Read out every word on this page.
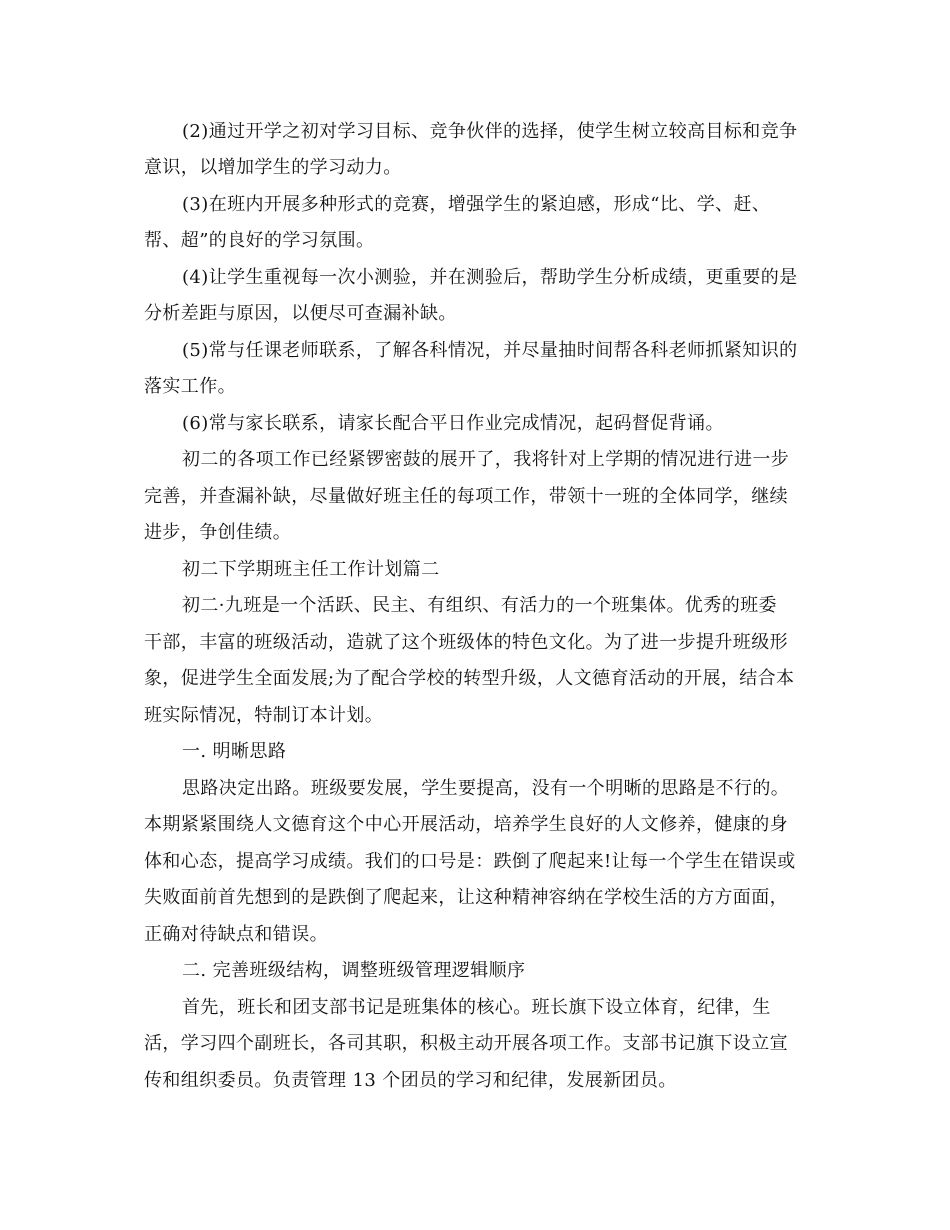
(2)通过开学之初对学习目标、竞争伙伴的选择，使学生树立较高目标和竞争

意识，以增加学生的学习动力。

(3)在班内开展多种形式的竞赛，增强学生的紧迫感，形成“比、学、赶、

帮、超”的良好的学习氛围。

(4)让学生重视每一次小测验，并在测验后，帮助学生分析成绩，更重要的是

分析差距与原因，以便尽可查漏补缺。

(5)常与任课老师联系，了解各科情况，并尽量抽时间帮各科老师抓紧知识的

落实工作。

(6)常与家长联系，请家长配合平日作业完成情况，起码督促背诵。

初二的各项工作已经紧锣密鼓的展开了，我将针对上学期的情况进行进一步

完善，并查漏补缺，尽量做好班主任的每项工作，带领十一班的全体同学，继续

进步，争创佳绩。

初二下学期班主任工作计划篇二

初二·九班是一个活跃、民主、有组织、有活力的一个班集体。优秀的班委

干部，丰富的班级活动，造就了这个班级体的特色文化。为了进一步提升班级形

象，促进学生全面发展;为了配合学校的转型升级，人文德育活动的开展，结合本

班实际情况，特制订本计划。

一. 明晰思路

思路决定出路。班级要发展，学生要提高，没有一个明晰的思路是不行的。

本期紧紧围绕人文德育这个中心开展活动，培养学生良好的人文修养，健康的身

体和心态，提高学习成绩。我们的口号是：跌倒了爬起来!让每一个学生在错误或

失败面前首先想到的是跌倒了爬起来，让这种精神容纳在学校生活的方方面面，

正确对待缺点和错误。

二. 完善班级结构，调整班级管理逻辑顺序

首先，班长和团支部书记是班集体的核心。班长旗下设立体育，纪律，生

活，学习四个副班长，各司其职，积极主动开展各项工作。支部书记旗下设立宣

传和组织委员。负责管理 13 个团员的学习和纪律，发展新团员。
